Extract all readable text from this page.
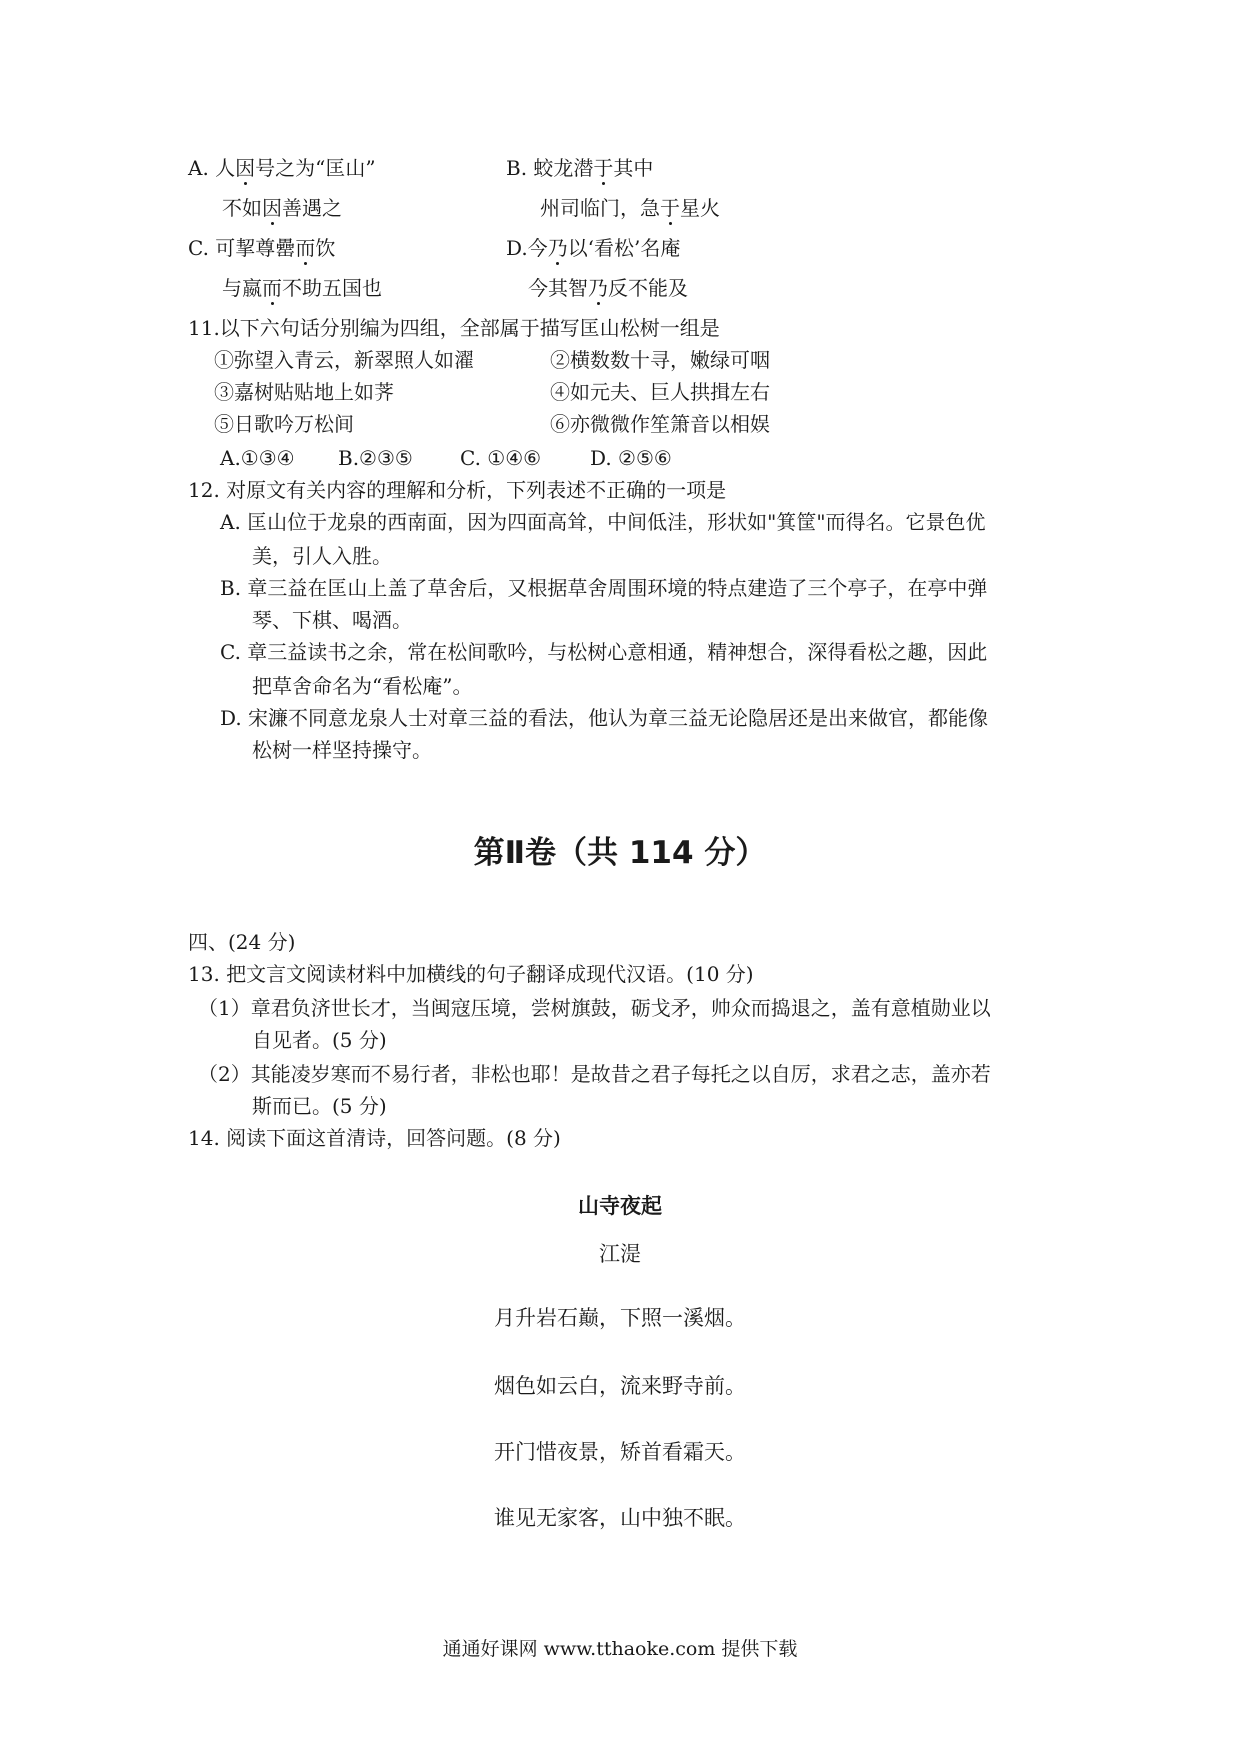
A. 人因号之为“匡山”
不如因善遇之
B. 蛟龙潜于其中
州司临门，急于星火
C. 可挈尊罍而饮
与嬴而不助五国也
D.今乃以‘看松’名庵
今其智乃反不能及
11.以下六句话分别编为四组，全部属于描写匡山松树一组是
①弥望入青云，新翠照人如濯	②横数数十寻，嫩绿可咽
③嘉树贴贴地上如荠	④如元夫、巨人拱揖左右
⑤日歌吟万松间	⑥亦微微作笙箫音以相娱
A.①③④ B.②③⑤ C. ①④⑥ D. ②⑤⑥
12. 对原文有关内容的理解和分析，下列表述不正确的一项是
A. 匡山位于龙泉的西南面，因为四面高耸，中间低洼，形状如"箕筐"而得名。它景色优
美，引人入胜。
B. 章三益在匡山上盖了草舍后，又根据草舍周围环境的特点建造了三个亭子，在亭中弹
琴、下棋、喝酒。
C. 章三益读书之余，常在松间歌吟，与松树心意相通，精神想合，深得看松之趣，因此
把草舍命名为“看松庵”。
D. 宋濂不同意龙泉人士对章三益的看法，他认为章三益无论隐居还是出来做官，都能像
松树一样坚持操守。
第Ⅱ卷（共 114 分）
四、(24 分)
13. 把文言文阅读材料中加横线的句子翻译成现代汉语。(10 分)
（1）章君负济世长才，当闽寇压境，尝树旗鼓，砺戈矛，帅众而捣退之，盖有意植勋业以
自见者。(5 分)
（2）其能凌岁寒而不易行者，非松也耶！是故昔之君子每托之以自厉，求君之志，盖亦若
斯而已。(5 分)
14. 阅读下面这首清诗，回答问题。(8 分)
山寺夜起
江湜
月升岩石巅，下照一溪烟。
烟色如云白，流来野寺前。
开门惜夜景，矫首看霜天。
谁见无家客，山中独不眠。
通通好课网 www.tthaoke.com 提供下载
